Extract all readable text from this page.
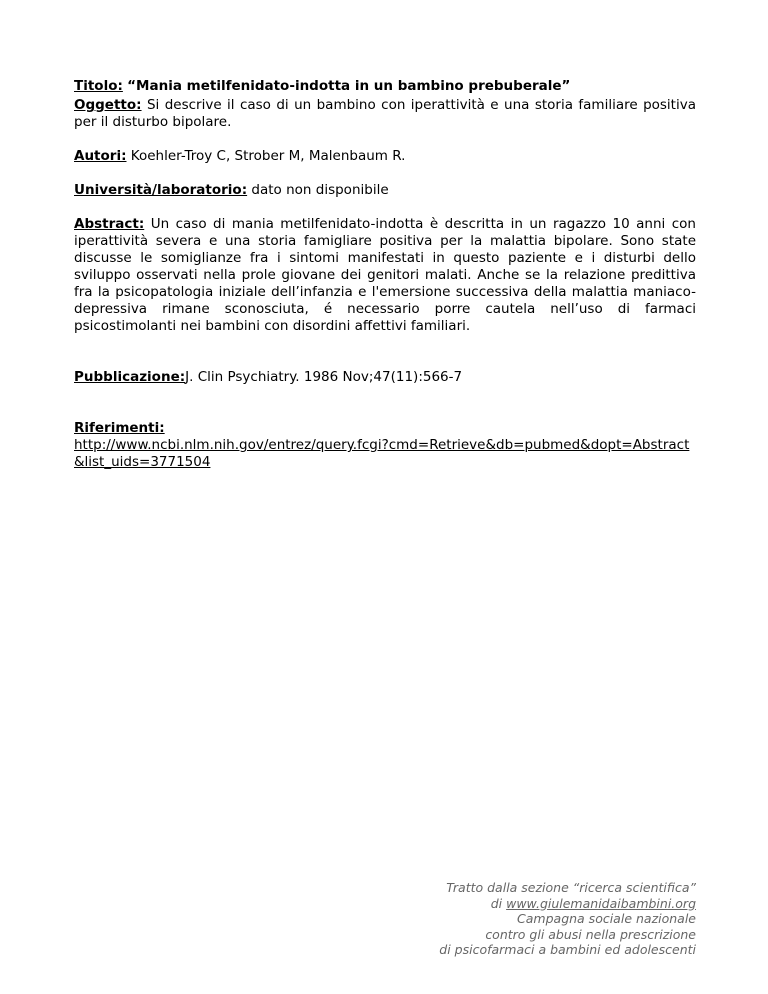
Titolo: “Mania metilfenidato-indotta in un bambino prebuberale”

Oggetto: Si descrive il caso di un bambino con iperattività e una storia familiare positiva per il disturbo bipolare.

Autori: Koehler-Troy C, Strober M, Malenbaum R.

Università/laboratorio: dato non disponibile

Abstract: Un caso di mania metilfenidato-indotta è descritta in un ragazzo 10 anni con iperattività severa e una storia famigliare positiva per la malattia bipolare. Sono state discusse le somiglianze fra i sintomi manifestati in questo paziente e i disturbi dello sviluppo osservati nella prole giovane dei genitori malati. Anche se la relazione predittiva fra la psicopatologia iniziale dell’infanzia e l'emersione successiva della malattia maniaco-depressiva rimane sconosciuta, é necessario porre cautela nell’uso di farmaci psicostimolanti nei bambini con disordini affettivi familiari.

Pubblicazione:J. Clin Psychiatry. 1986 Nov;47(11):566-7

Riferimenti:
http://www.ncbi.nlm.nih.gov/entrez/query.fcgi?cmd=Retrieve&db=pubmed&dopt=Abstract&list_uids=3771504

Tratto dalla sezione “ricerca scientifica”
di www.giulemanidaibambini.org
Campagna sociale nazionale
contro gli abusi nella prescrizione
di psicofarmaci a bambini ed adolescenti
